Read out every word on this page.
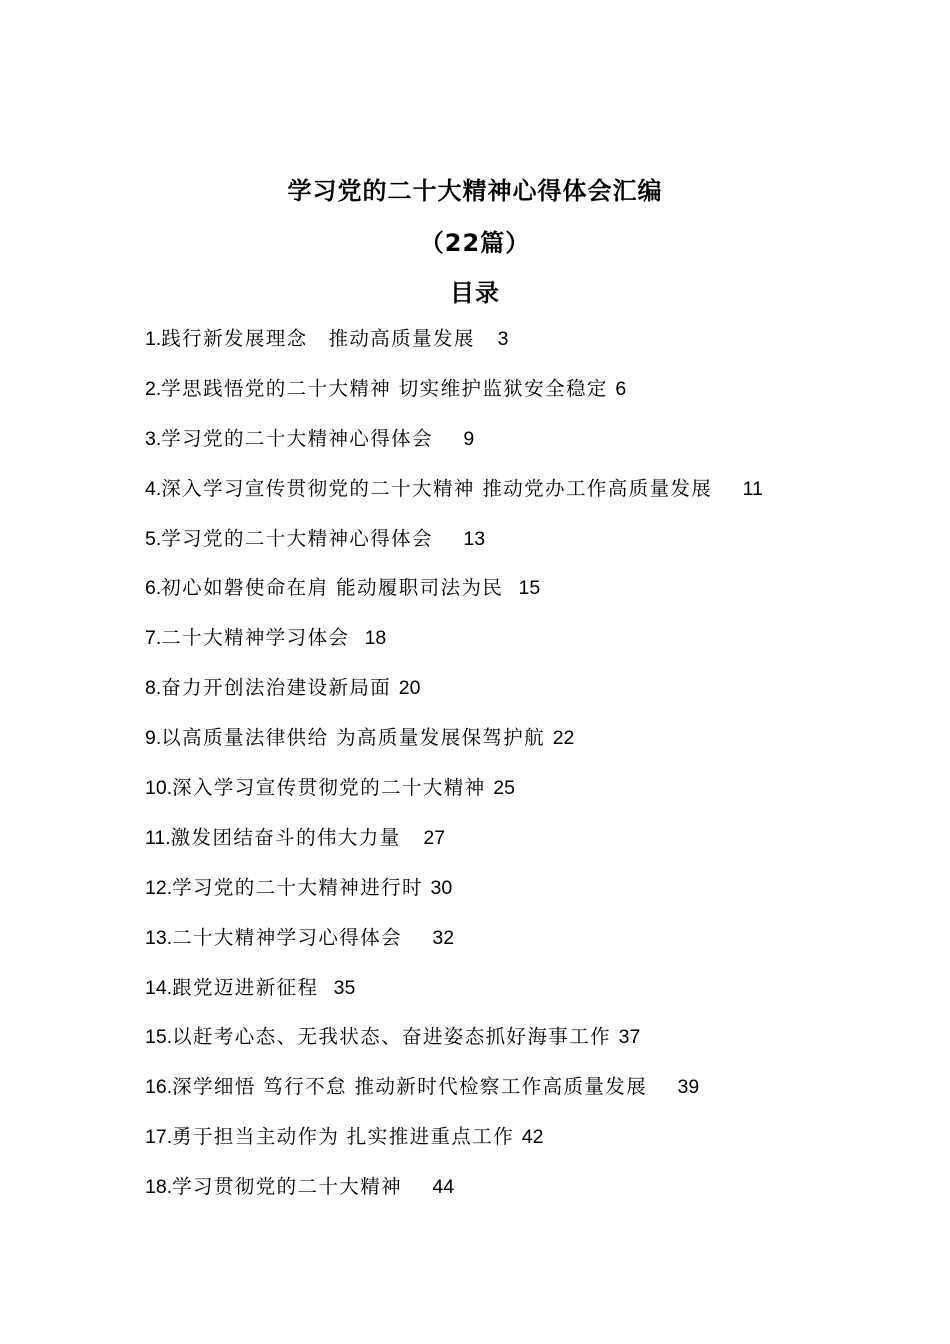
学习党的二十大精神心得体会汇编
（22篇）
目录
1.践行新发展理念　推动高质量发展 3
2.学思践悟党的二十大精神 切实维护监狱安全稳定 6
3.学习党的二十大精神心得体会 9
4.深入学习宣传贯彻党的二十大精神 推动党办工作高质量发展 11
5.学习党的二十大精神心得体会 13
6.初心如磐使命在肩 能动履职司法为民 15
7.二十大精神学习体会 18
8.奋力开创法治建设新局面 20
9.以高质量法律供给 为高质量发展保驾护航 22
10.深入学习宣传贯彻党的二十大精神 25
11.激发团结奋斗的伟大力量 27
12.学习党的二十大精神进行时 30
13.二十大精神学习心得体会 32
14.跟党迈进新征程 35
15.以赶考心态、无我状态、奋进姿态抓好海事工作 37
16.深学细悟 笃行不怠 推动新时代检察工作高质量发展 39
17.勇于担当主动作为 扎实推进重点工作 42
18.学习贯彻党的二十大精神 44
